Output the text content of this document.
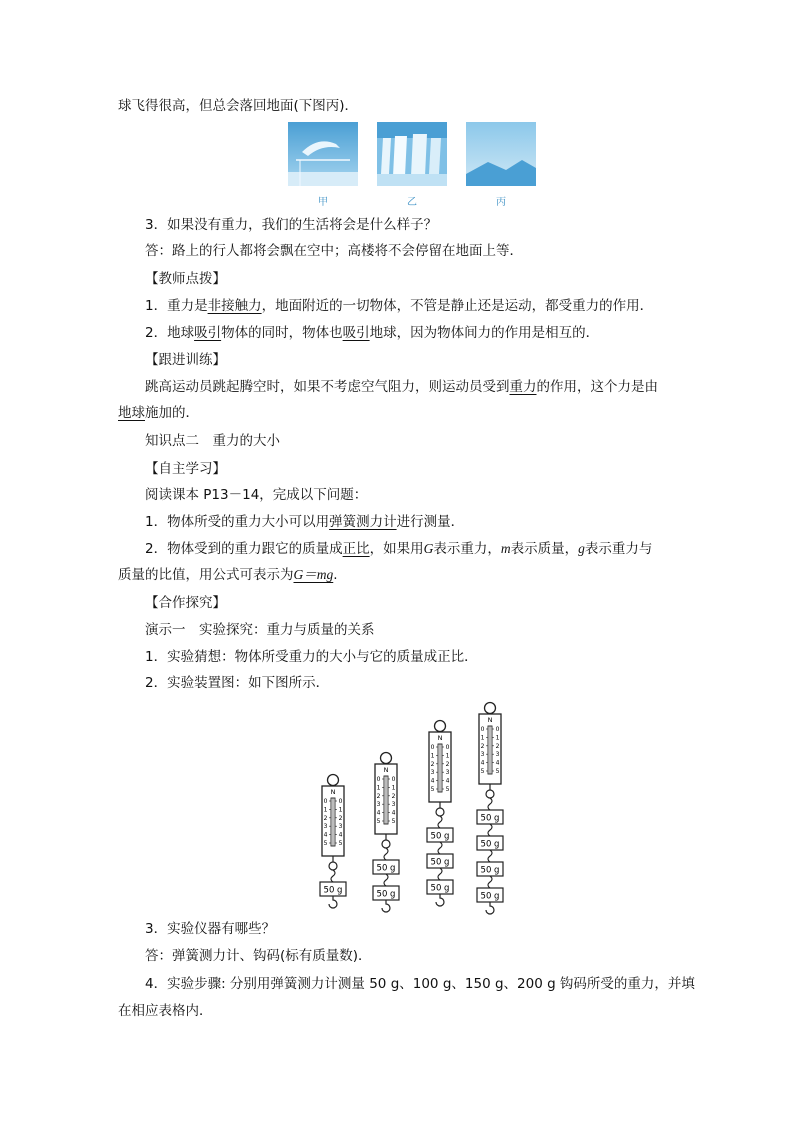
球飞得很高，但总会落回地面(下图丙)．
甲	乙	丙
3．如果没有重力，我们的生活将会是什么样子？
答：路上的行人都将会飘在空中；高楼将不会停留在地面上等．
【教师点拨】
1．重力是非接触力，地面附近的一切物体，不管是静止还是运动，都受重力的作用．
2．地球吸引物体的同时，物体也吸引地球，因为物体间力的作用是相互的．
【跟进训练】
跳高运动员跳起腾空时，如果不考虑空气阻力，则运动员受到重力的作用，这个力是由
地球施加的．
知识点二　重力的大小
【自主学习】
阅读课本 P13－14，完成以下问题：
1．物体所受的重力大小可以用弹簧测力计进行测量．
2．物体受到的重力跟它的质量成正比，如果用G表示重力，m表示质量，g表示重力与
质量的比值，用公式可表示为G＝mg.
【合作探究】
演示一　实验探究：重力与质量的关系
1．实验猜想：物体所受重力的大小与它的质量成正比．
2．实验装置图：如下图所示．
N
0 0
1 1
2 2
3 3
4 4
5 5
50 g
N
0 0
1 1
2 2
3 3
4 4
5 5
50 g
50 g
N
0 0
1 1
2 2
3 3
4 4
5 5
50 g
50 g
50 g
N
0 0
1 1
2 2
3 3
4 4
5 5
50 g
50 g
50 g
50 g
3．实验仪器有哪些？
答：弹簧测力计、钩码(标有质量数)．
4．实验步骤: 分别用弹簧测力计测量 50 g、100 g、150 g、200 g 钩码所受的重力，并填
在相应表格内．
